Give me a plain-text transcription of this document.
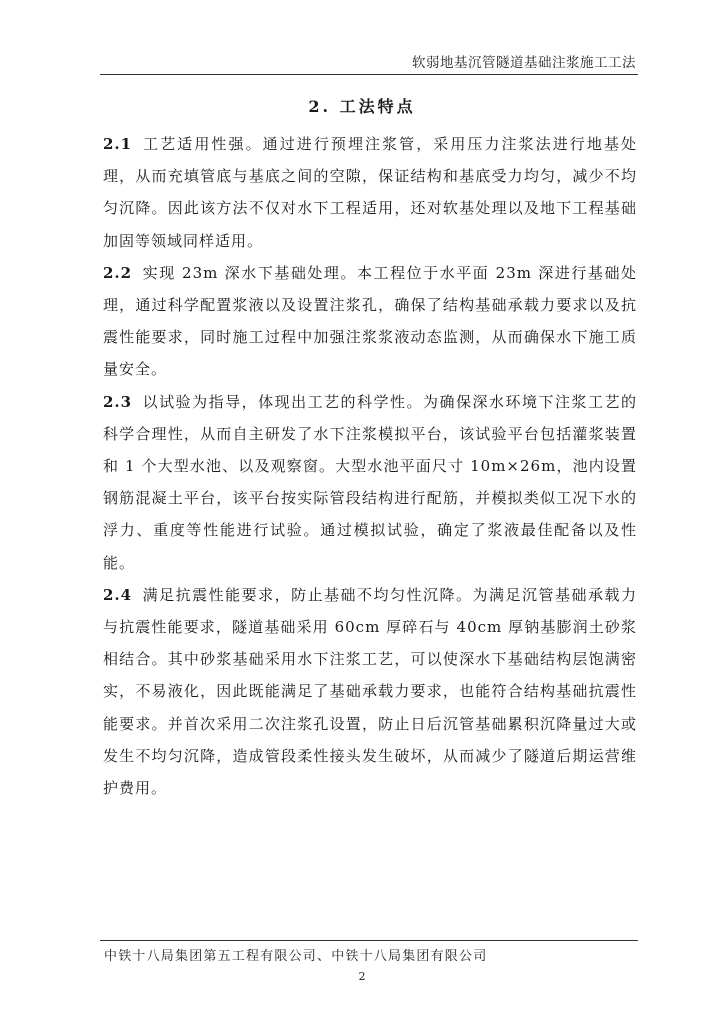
软弱地基沉管隧道基础注浆施工工法
2. 工法特点

2.1 工艺适用性强。通过进行预埋注浆管，采用压力注浆法进行地基处理，从而充填管底与基底之间的空隙，保证结构和基底受力均匀，减少不均匀沉降。因此该方法不仅对水下工程适用，还对软基处理以及地下工程基础加固等领域同样适用。

2.2 实现 23m 深水下基础处理。本工程位于水平面 23m 深进行基础处理，通过科学配置浆液以及设置注浆孔，确保了结构基础承载力要求以及抗震性能要求，同时施工过程中加强注浆浆液动态监测，从而确保水下施工质量安全。

2.3 以试验为指导，体现出工艺的科学性。为确保深水环境下注浆工艺的科学合理性，从而自主研发了水下注浆模拟平台，该试验平台包括灌浆装置和 1 个大型水池、以及观察窗。大型水池平面尺寸 10m×26m，池内设置钢筋混凝土平台，该平台按实际管段结构进行配筋，并模拟类似工况下水的浮力、重度等性能进行试验。通过模拟试验，确定了浆液最佳配备以及性能。

2.4 满足抗震性能要求，防止基础不均匀性沉降。为满足沉管基础承载力与抗震性能要求，隧道基础采用 60cm 厚碎石与 40cm 厚钠基膨润土砂浆相结合。其中砂浆基础采用水下注浆工艺，可以使深水下基础结构层饱满密实，不易液化，因此既能满足了基础承载力要求，也能符合结构基础抗震性能要求。并首次采用二次注浆孔设置，防止日后沉管基础累积沉降量过大或发生不均匀沉降，造成管段柔性接头发生破坏，从而减少了隧道后期运营维护费用。

中铁十八局集团第五工程有限公司、中铁十八局集团有限公司
2
